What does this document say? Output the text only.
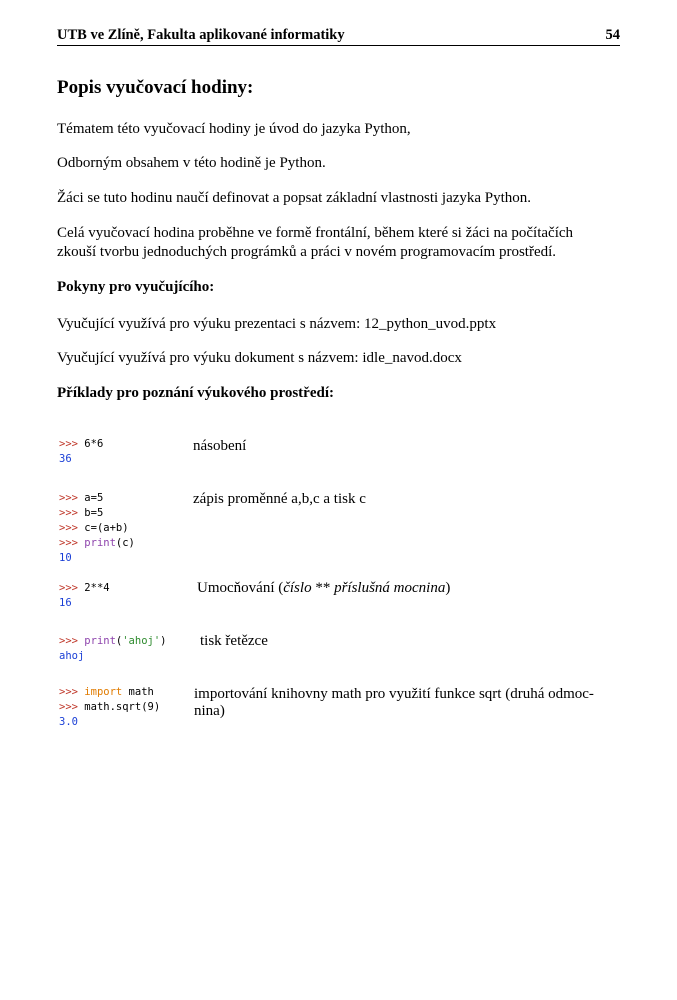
UTB ve Zlíně, Fakulta aplikované informatiky	54
Popis vyučovací hodiny:
Tématem této vyučovací hodiny je úvod do jazyka Python,
Odborným obsahem v této hodině je Python.
Žáci se tuto hodinu naučí definovat a popsat základní vlastnosti jazyka Python.
Celá vyučovací hodina proběhne ve formě frontální, během které si žáci na počítačích
zkouší tvorbu jednoduchých prográmků a práci v novém programovacím prostředí.
Pokyny pro vyučujícího:
Vyučující využívá pro výuku prezentaci s názvem: 12_python_uvod.pptx
Vyučující využívá pro výuku dokument s názvem: idle_navod.docx
Příklady pro poznání výukového prostředí:
>>> 6*6
36
násobení
>>> a=5
>>> b=5
>>> c=(a+b)
>>> print(c)
10
zápis proměnné a,b,c a tisk c
>>> 2**4
16
Umocňování (číslo ** příslušná mocnina)
>>> print('ahoj')
ahoj
tisk řetězce
>>> import math
>>> math.sqrt(9)
3.0
importování knihovny math pro využití funkce sqrt (druhá odmoc-
nina)
